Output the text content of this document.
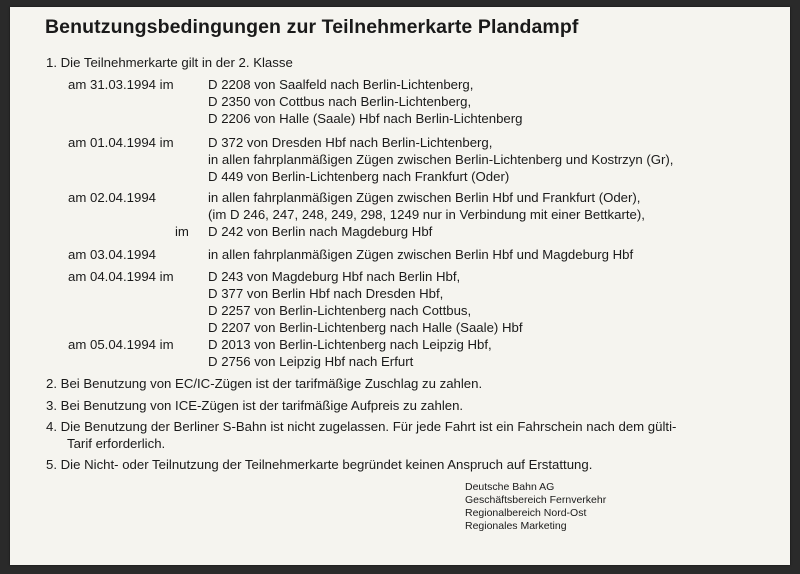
Benutzungsbedingungen zur Teilnehmerkarte Plandampf
1. Die Teilnehmerkarte gilt in der 2. Klasse
am 31.03.1994 im	D 2208 von Saalfeld nach Berlin-Lichtenberg,
D 2350 von Cottbus nach Berlin-Lichtenberg,
D 2206 von Halle (Saale) Hbf nach Berlin-Lichtenberg
am 01.04.1994 im	D 372 von Dresden Hbf nach Berlin-Lichtenberg,
in allen fahrplanmäßigen Zügen zwischen Berlin-Lichtenberg und Kostrzyn (Gr),
D 449 von Berlin-Lichtenberg nach Frankfurt (Oder)
am 02.04.1994	in allen fahrplanmäßigen Zügen zwischen Berlin Hbf und Frankfurt (Oder),
(im D 246, 247, 248, 249, 298, 1249 nur in Verbindung mit einer Bettkarte),
im D 242 von Berlin nach Magdeburg Hbf
am 03.04.1994	in allen fahrplanmäßigen Zügen zwischen Berlin Hbf und Magdeburg Hbf
am 04.04.1994 im	D 243 von Magdeburg Hbf nach Berlin Hbf,
D 377 von Berlin Hbf nach Dresden Hbf,
D 2257 von Berlin-Lichtenberg nach Cottbus,
D 2207 von Berlin-Lichtenberg nach Halle (Saale) Hbf
am 05.04.1994 im	D 2013 von Berlin-Lichtenberg nach Leipzig Hbf,
D 2756 von Leipzig Hbf nach Erfurt
2. Bei Benutzung von EC/IC-Zügen ist der tarifmäßige Zuschlag zu zahlen.
3. Bei Benutzung von ICE-Zügen ist der tarifmäßige Aufpreis zu zahlen.
4. Die Benutzung der Berliner S-Bahn ist nicht zugelassen. Für jede Fahrt ist ein Fahrschein nach dem gülti-
Tarif erforderlich.
5. Die Nicht- oder Teilnutzung der Teilnehmerkarte begründet keinen Anspruch auf Erstattung.
Deutsche Bahn AG
Geschäftsbereich Fernverkehr
Regionalbereich Nord-Ost
Regionales Marketing
